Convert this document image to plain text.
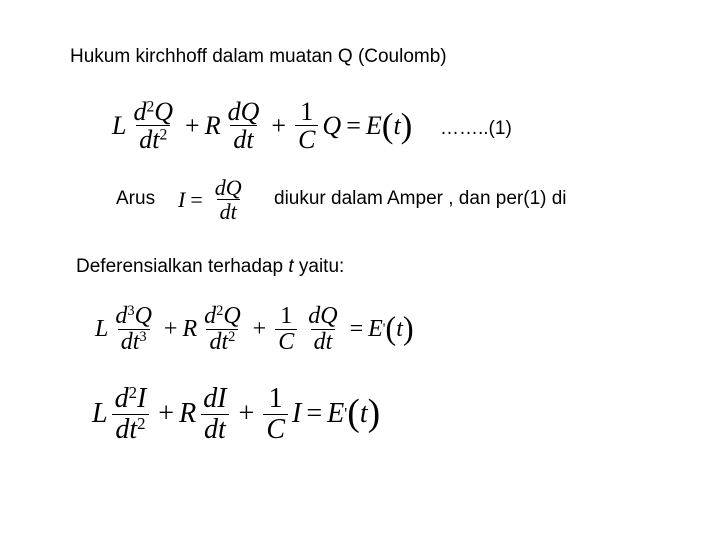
Hukum kirchhoff dalam muatan Q (Coulomb)
L $\frac{d^2Q}{dt^2} + R \frac{dQ}{dt} + \frac{1}{C}$ Q = E ( t ) ……..(1)
Arus $I = \frac{dQ}{dt}$ diukur dalam Amper , dan per(1) di
Deferensialkan terhadap t yaitu:
L $\frac{d^3Q}{dt^3} + R \frac{d^2Q}{dt^2} + \frac{1}{C} \frac{dQ}{dt} = E$ ' ( t )
L $\frac{d^2I}{dt^2} + R \frac{dI}{dt} + \frac{1}{C}$ I = E ' ( t )
